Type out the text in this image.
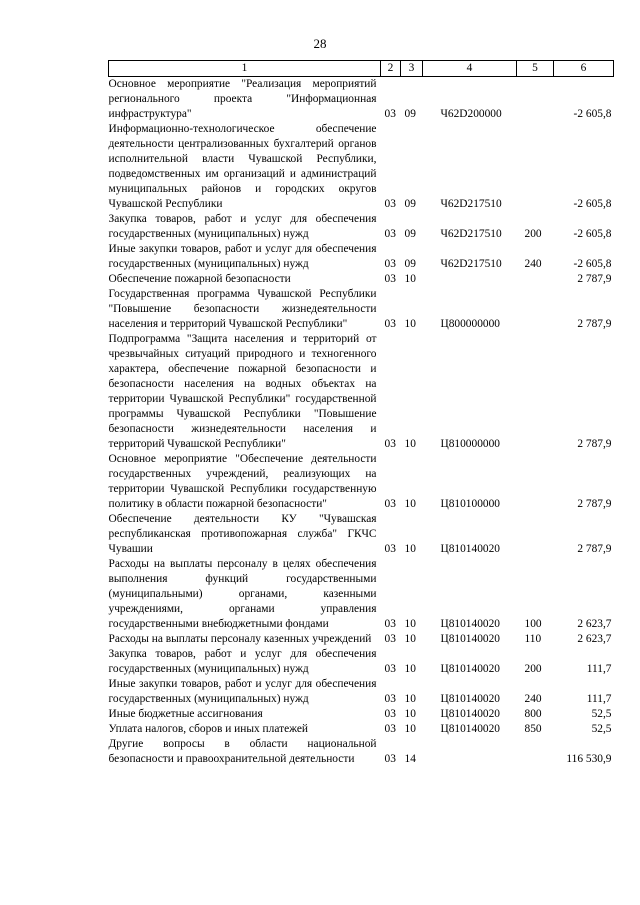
28
1	2	3	4	5	6
Основное мероприятие "Реализация мероприятий регионального проекта "Информационная инфраструктура"	03	09	Ч62D200000		-2 605,8
Информационно-технологическое обеспечение деятельности централизованных бухгалтерий органов исполнительной власти Чувашской Республики, подведомственных им организаций и администраций муниципальных районов и городских округов Чувашской Республики	03	09	Ч62D217510		-2 605,8
Закупка товаров, работ и услуг для обеспечения государственных (муниципальных) нужд	03	09	Ч62D217510	200	-2 605,8
Иные закупки товаров, работ и услуг для обеспечения государственных (муниципальных) нужд	03	09	Ч62D217510	240	-2 605,8
Обеспечение пожарной безопасности	03	10			2 787,9
Государственная программа Чувашской Республики "Повышение безопасности жизнедеятельности населения и территорий Чувашской Республики"	03	10	Ц800000000		2 787,9
Подпрограмма "Защита населения и территорий от чрезвычайных ситуаций природного и техногенного характера, обеспечение пожарной безопасности и безопасности населения на водных объектах на территории Чувашской Республики" государственной программы Чувашской Республики "Повышение безопасности жизнедеятельности населения и территорий Чувашской Республики"	03	10	Ц810000000		2 787,9
Основное мероприятие "Обеспечение деятельности государственных учреждений, реализующих на территории Чувашской Республики государственную политику в области пожарной безопасности"	03	10	Ц810100000		2 787,9
Обеспечение деятельности КУ "Чувашская республиканская противопожарная служба" ГКЧС Чувашии	03	10	Ц810140020		2 787,9
Расходы на выплаты персоналу в целях обеспечения выполнения функций государственными (муниципальными) органами, казенными учреждениями, органами управления государственными внебюджетными фондами	03	10	Ц810140020	100	2 623,7
Расходы на выплаты персоналу казенных учреждений	03	10	Ц810140020	110	2 623,7
Закупка товаров, работ и услуг для обеспечения государственных (муниципальных) нужд	03	10	Ц810140020	200	111,7
Иные закупки товаров, работ и услуг для обеспечения государственных (муниципальных) нужд	03	10	Ц810140020	240	111,7
Иные бюджетные ассигнования	03	10	Ц810140020	800	52,5
Уплата налогов, сборов и иных платежей	03	10	Ц810140020	850	52,5
Другие вопросы в области национальной безопасности и правоохранительной деятельности	03	14			116 530,9
